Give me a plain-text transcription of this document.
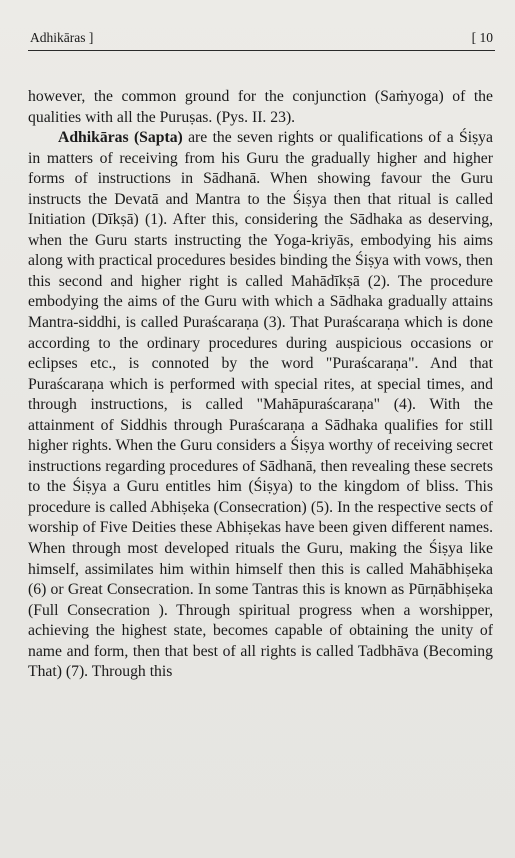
Adhikāras ]	[ 10

however, the common ground for the conjunction (Saṁyoga) of the qualities with all the Puruṣas. (Pys. II. 23).

Adhikāras (Sapta) are the seven rights or qualifications of a Śiṣya in matters of receiving from his Guru the gradually higher and higher forms of instructions in Sādhanā. When showing favour the Guru instructs the Devatā and Mantra to the Śiṣya then that ritual is called Initiation (Dīkṣā) (1). After this, considering the Sādhaka as deserving, when the Guru starts instructing the Yoga-kriyās, embodying his aims along with practical procedures besides binding the Śiṣya with vows, then this second and higher right is called Mahādīkṣā (2). The procedure embodying the aims of the Guru with which a Sādhaka gradually attains Mantra-siddhi, is called Puraścaraṇa (3). That Puraścaraṇa which is done according to the ordinary procedures during auspicious occasions or eclipses etc., is connoted by the word "Puraścaraṇa". And that Puraścaraṇa which is performed with special rites, at special times, and through instructions, is called "Mahāpuraścaraṇa" (4). With the attainment of Siddhis through Puraścaraṇa a Sādhaka qualifies for still higher rights. When the Guru considers a Śiṣya worthy of receiving secret instructions regarding procedures of Sādhanā, then revealing these secrets to the Śiṣya a Guru entitles him (Śiṣya) to the kingdom of bliss. This procedure is called Abhiṣeka (Consecration) (5). In the respective sects of worship of Five Deities these Abhiṣekas have been given different names. When through most developed rituals the Guru, making the Śiṣya like himself, assimilates him within himself then this is called Mahābhiṣeka (6) or Great Consecration. In some Tantras this is known as Pūrṇābhiṣeka (Full Consecration ). Through spiritual progress when a worshipper, achieving the highest state, becomes capable of obtaining the unity of name and form, then that best of all rights is called Tadbhāva (Becoming That) (7). Through this
